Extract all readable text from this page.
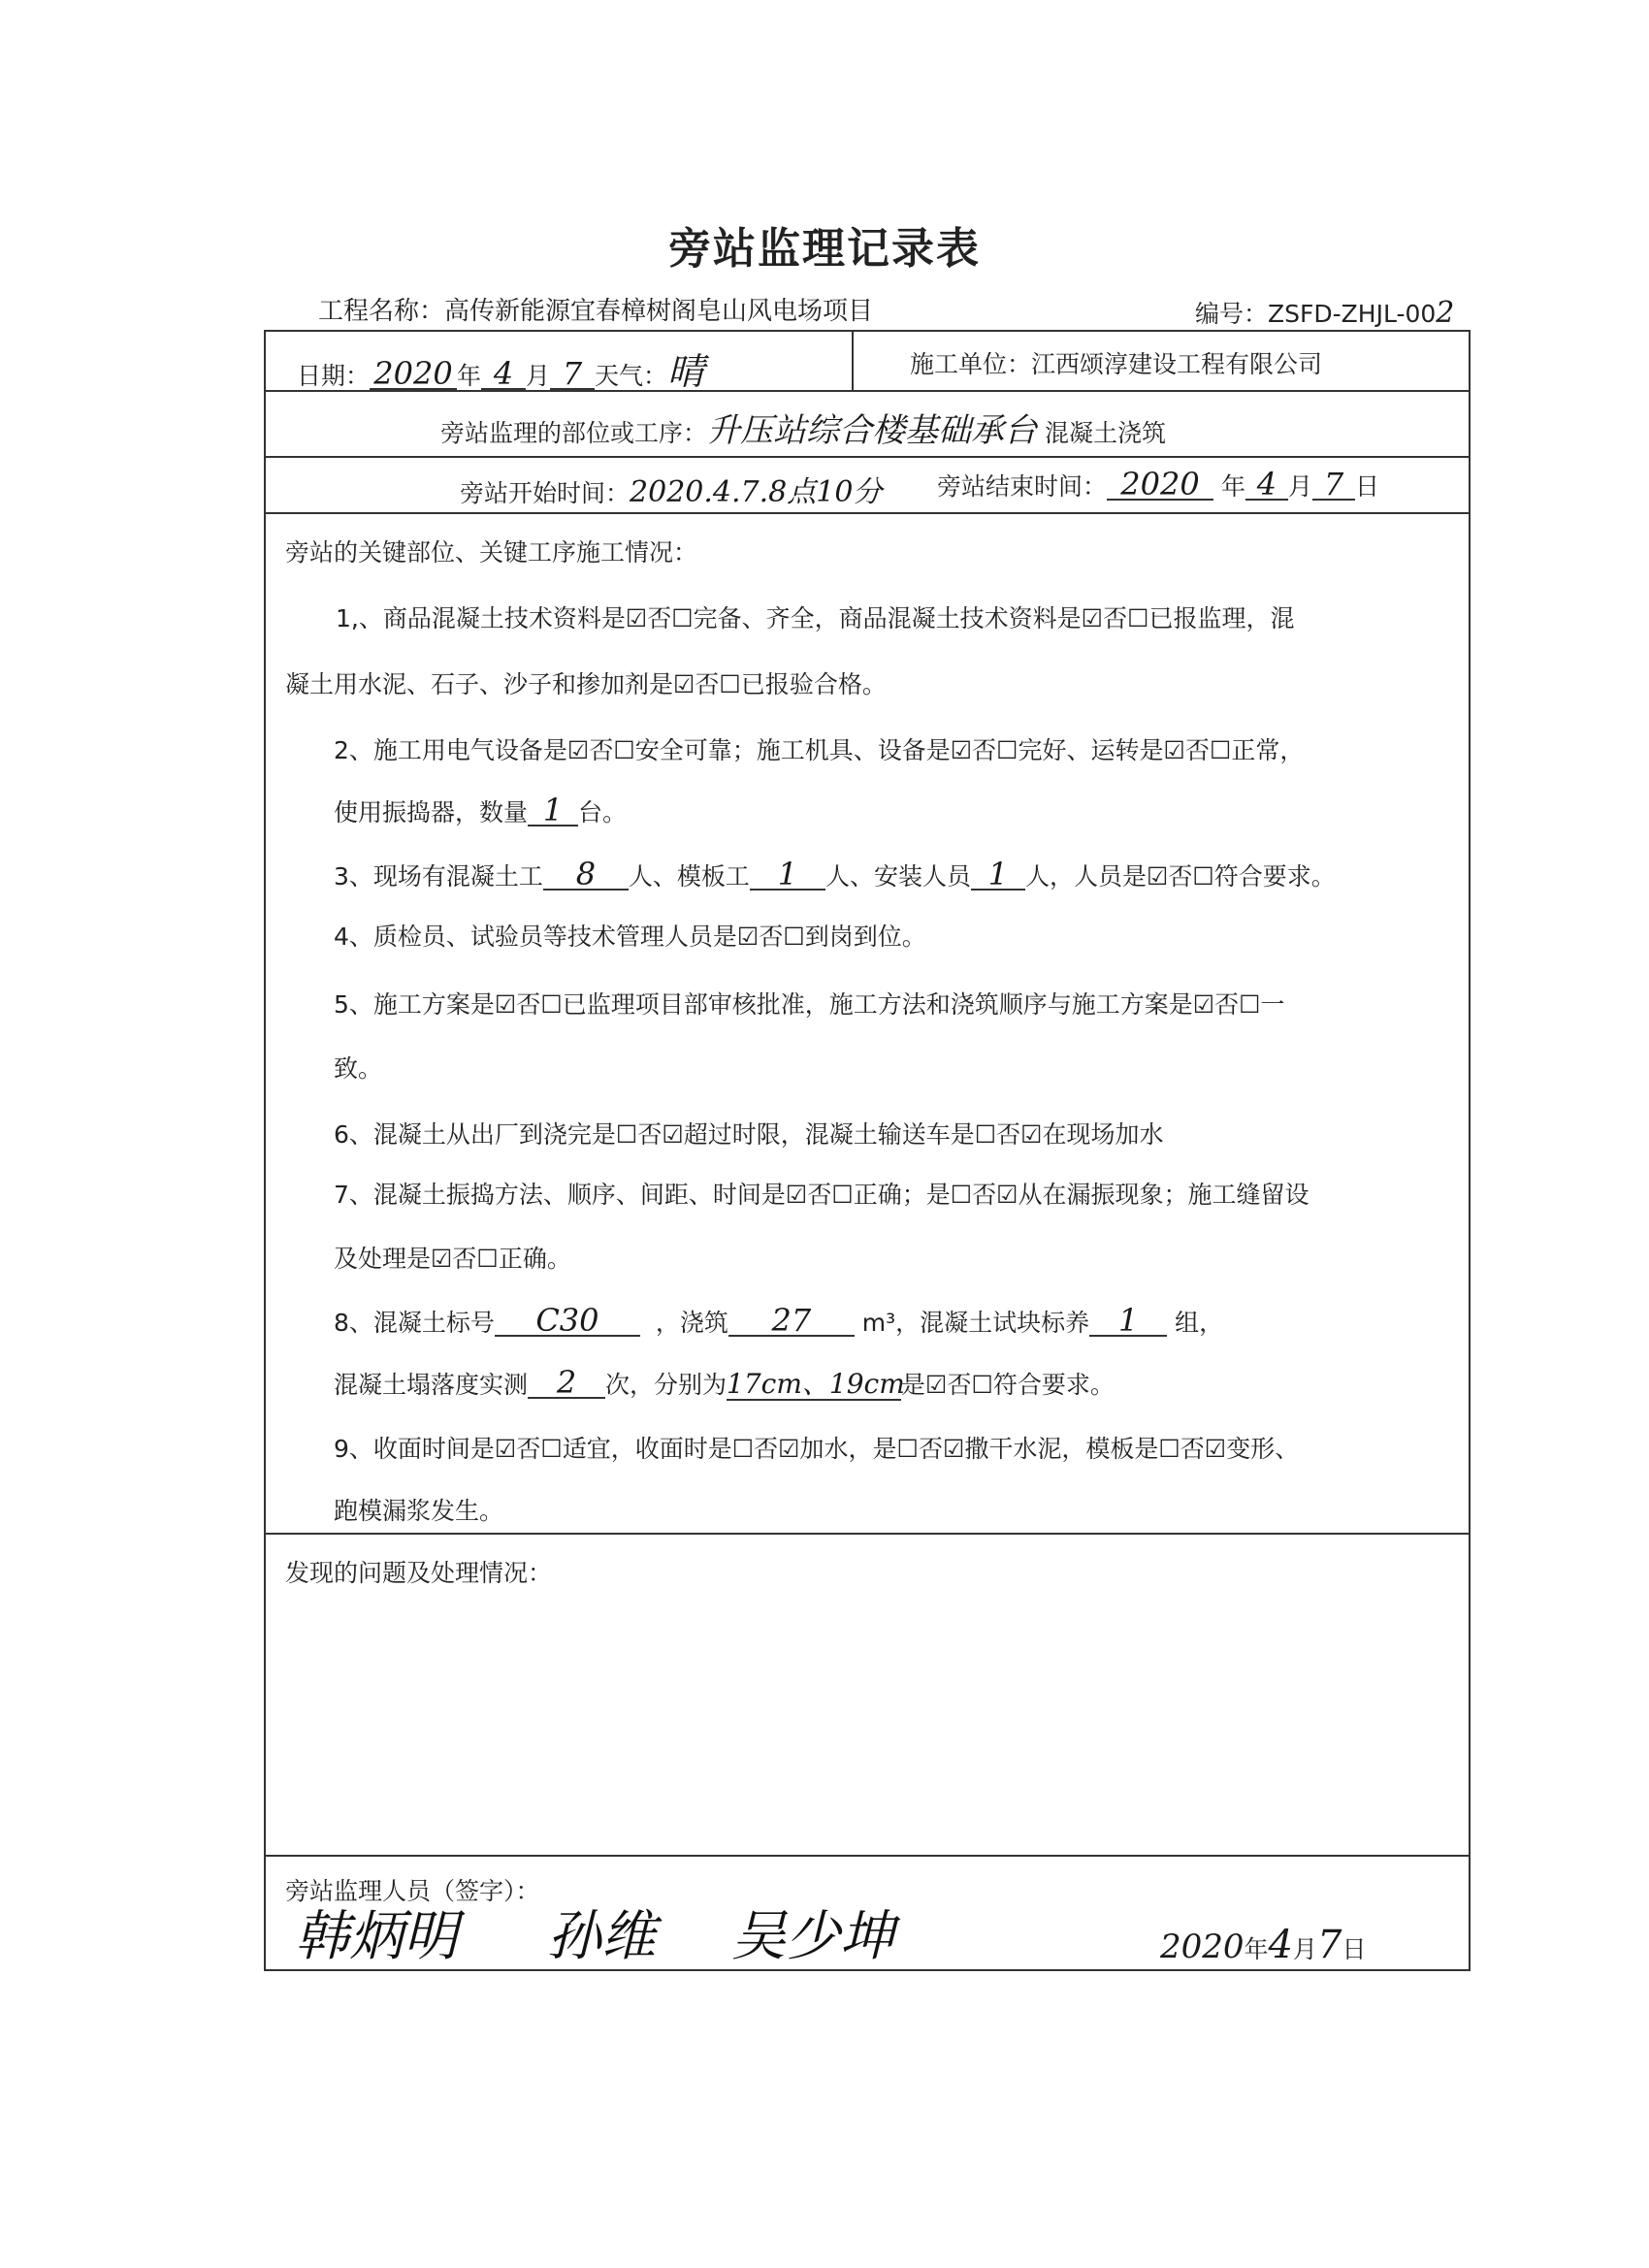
旁站监理记录表
工程名称：高传新能源宜春樟树阁皂山风电场项目	编号：ZSFD-ZHJL-002
日期： 2020 年 4 月 7 天气：晴	施工单位：江西颂淳建设工程有限公司
旁站监理的部位或工序：升压站综合楼基础承台 混凝土浇筑
旁站开始时间：2020.4.7.8点10分 旁站结束时间： 2020 年 4 月 7 日
旁站的关键部位、关键工序施工情况：
1,、商品混凝土技术资料是☑否☐完备、齐全，商品混凝土技术资料是☑否☐已报监理，混
凝土用水泥、石子、沙子和掺加剂是☑否☐已报验合格。
2、施工用电气设备是☑否☐安全可靠；施工机具、设备是☑否☐完好、运转是☑否☐正常，
使用振捣器，数量 1 台。
3、现场有混凝土工 8 人、模板工 1 人、安装人员 1 人，人员是☑否☐符合要求。
4、质检员、试验员等技术管理人员是☑否☐到岗到位。
5、施工方案是☑否☐已监理项目部审核批准，施工方法和浇筑顺序与施工方案是☑否☐一
致。
6、混凝土从出厂到浇完是☐否☑超过时限，混凝土输送车是☐否☑在现场加水
7、混凝土振捣方法、顺序、间距、时间是☑否☐正确；是☐否☑从在漏振现象；施工缝留设
及处理是☑否☐正确。
8、混凝土标号 C30 ，浇筑 27 m³，混凝土试块标养 1 组，
混凝土塌落度实测 2 次，分别为17cm、19cm是☑否☐符合要求。
9、收面时间是☑否☐适宜，收面时是☐否☑加水，是☐否☑撒干水泥，模板是☐否☑变形、
跑模漏浆发生。
发现的问题及处理情况：
旁站监理人员（签字）：
韩炳明 孙维 吴少坤	2020年4月7日
